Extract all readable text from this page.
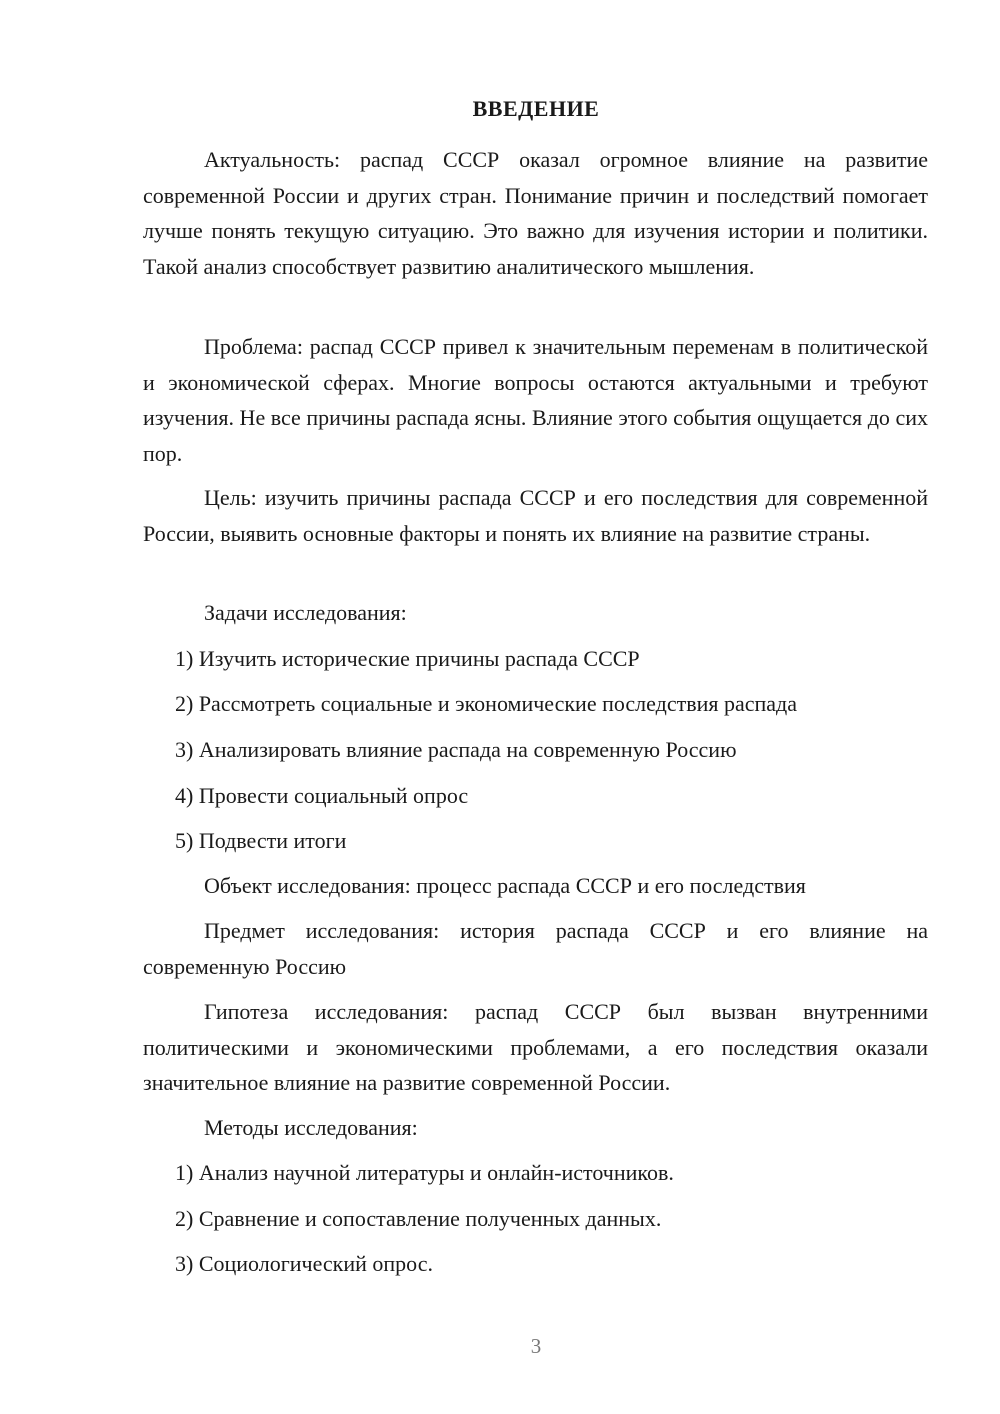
ВВЕДЕНИЕ

Актуальность: распад СССР оказал огромное влияние на развитие современной России и других стран. Понимание причин и последствий помогает лучше понять текущую ситуацию. Это важно для изучения истории и политики. Такой анализ способствует развитию аналитического мышления.

Проблема: распад СССР привел к значительным переменам в политической и экономической сферах. Многие вопросы остаются актуальными и требуют изучения. Не все причины распада ясны. Влияние этого события ощущается до сих пор.

Цель: изучить причины распада СССР и его последствия для современной России, выявить основные факторы и понять их влияние на развитие страны.

Задачи исследования:
1) Изучить исторические причины распада СССР
2) Рассмотреть социальные и экономические последствия распада
3) Анализировать влияние распада на современную Россию
4) Провести социальный опрос
5) Подвести итоги
Объект исследования: процесс распада СССР и его последствия

Предмет исследования: история распада СССР и его влияние на современную Россию

Гипотеза исследования: распад СССР был вызван внутренними политическими и экономическими проблемами, а его последствия оказали значительное влияние на развитие современной России.

Методы исследования:
1) Анализ научной литературы и онлайн-источников.
2) Сравнение и сопоставление полученных данных.
3) Социологический опрос.
3
